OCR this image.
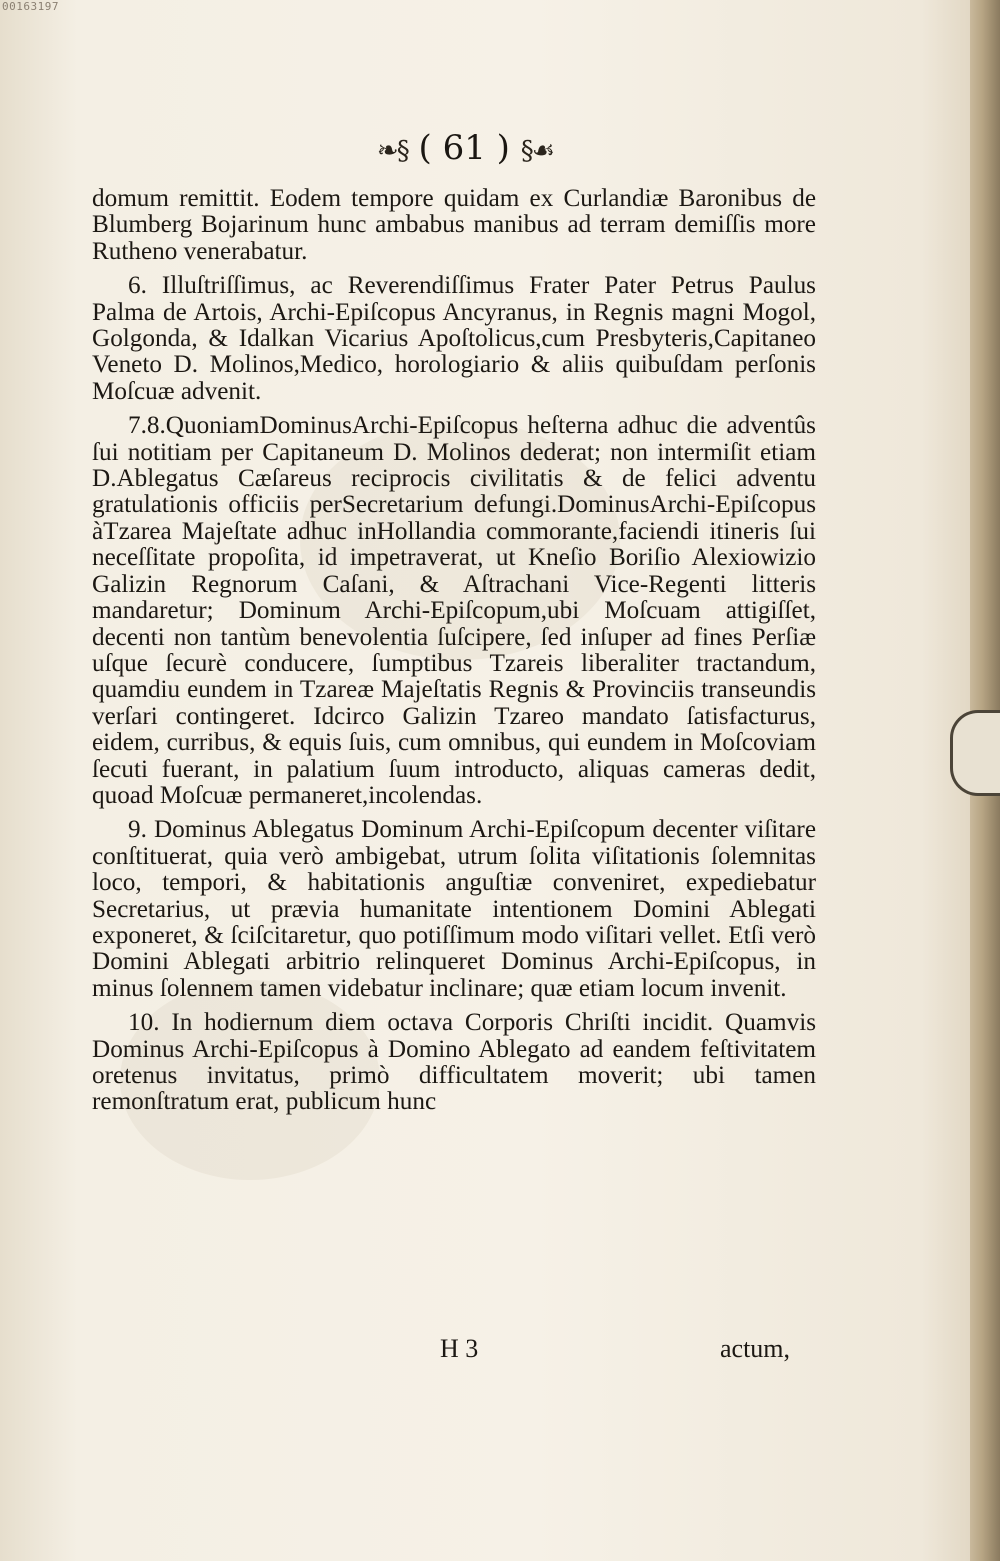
00163197
❧§ ( 61 ) §☙

domum remittit. Eodem tempore quidam ex Curlandiæ Baronibus de Blumberg Bojarinum hunc ambabus manibus ad terram demiſſis more Rutheno venerabatur.

6. Illuſtriſſimus, ac Reverendiſſimus Frater Pater Petrus Paulus Palma de Artois, Archi-Epiſcopus Ancyranus, in Regnis magni Mogol, Golgonda, & Idalkan Vicarius Apoſtolicus,cum Presbyteris,Capitaneo Veneto D. Molinos,Medico, horologiario & aliis quibuſdam perſonis Moſcuæ advenit.

7.8.QuoniamDominusArchi-Epiſcopus heſterna adhuc die adventûs ſui notitiam per Capitaneum D. Molinos dederat; non intermiſit etiam D.Ablegatus Cæſareus reciprocis civilitatis & de felici adventu gratulationis officiis perSecretarium defungi.DominusArchi-Epiſcopus àTzarea Majeſtate adhuc inHollandia commorante,faciendi itineris ſui neceſſitate propoſita, id impetraverat, ut Kneſio Boriſio Alexiowizio Galizin Regnorum Caſani, & Aſtrachani Vice-Regenti litteris mandaretur; Dominum Archi-Epiſcopum,ubi Moſcuam attigiſſet, decenti non tantùm benevolentia ſuſcipere, ſed inſuper ad fines Perſiæ uſque ſecurè conducere, ſumptibus Tzareis liberaliter tractandum, quamdiu eundem in Tzareæ Majeſtatis Regnis & Provinciis transeundis verſari contingeret. Idcirco Galizin Tzareo mandato ſatisfacturus, eidem, curribus, & equis ſuis, cum omnibus, qui eundem in Moſcoviam ſecuti fuerant, in palatium ſuum introducto, aliquas cameras dedit, quoad Moſcuæ permaneret,incolendas.

9. Dominus Ablegatus Dominum Archi-Epiſcopum decenter viſitare conſtituerat, quia verò ambigebat, utrum ſolita viſitationis ſolemnitas loco, tempori, & habitationis anguſtiæ conveniret, expediebatur Secretarius, ut prævia humanitate intentionem Domini Ablegati exponeret, & ſciſcitaretur, quo potiſſimum modo viſitari vellet. Etſi verò Domini Ablegati arbitrio relinqueret Dominus Archi-Epiſcopus, in minus ſolennem tamen videbatur inclinare; quæ etiam locum invenit.

10. In hodiernum diem octava Corporis Chriſti incidit. Quamvis Dominus Archi-Epiſcopus à Domino Ablegato ad eandem feſtivitatem oretenus invitatus, primò difficultatem moverit; ubi tamen remonſtratum erat, publicum hunc

H 3	actum,
